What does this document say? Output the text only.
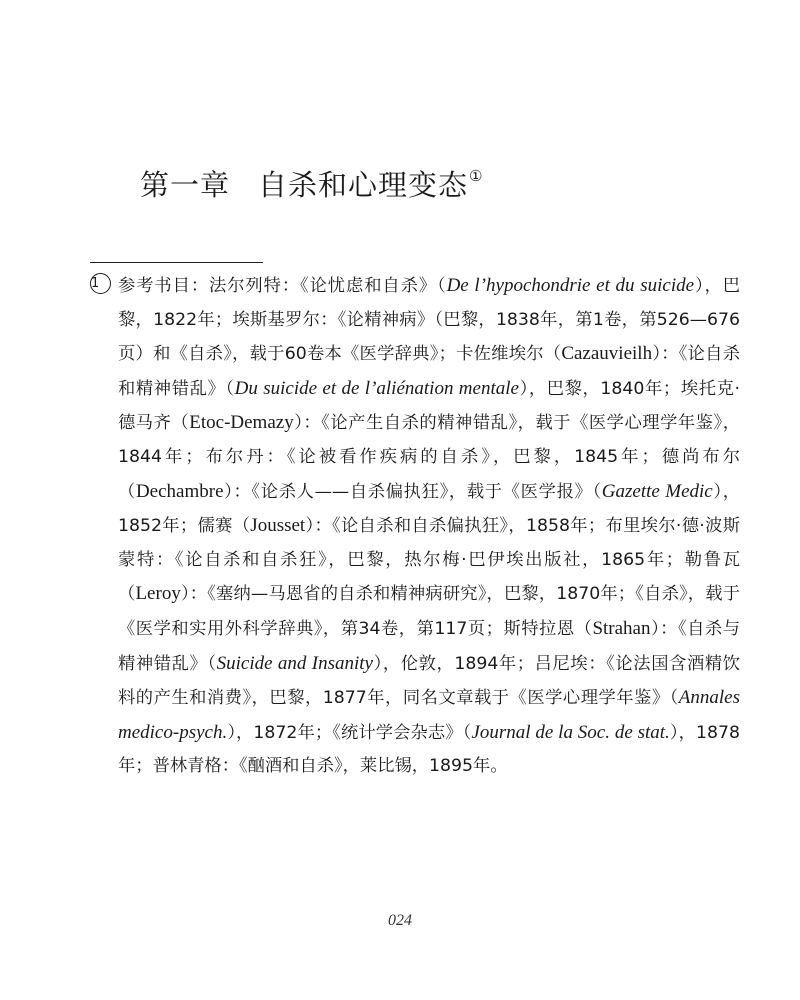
第一章 自杀和心理变态①
1	参考书目：法尔列特：《论忧虑和自杀》（De l’hypochondrie et du suicide），巴黎，1822年；埃斯基罗尔：《论精神病》（巴黎，1838年，第1卷，第526—676页）和《自杀》，载于60卷本《医学辞典》；卡佐维埃尔（Cazauvieilh）：《论自杀和精神错乱》（Du suicide et de l’aliénation mentale），巴黎，1840年；埃托克·德马齐（Etoc-Demazy）：《论产生自杀的精神错乱》，载于《医学心理学年鉴》，1844年；布尔丹：《论被看作疾病的自杀》，巴黎，1845年；德尚布尔（Dechambre）：《论杀人——自杀偏执狂》，载于《医学报》（Gazette Medic），1852年；儒赛（Jousset）：《论自杀和自杀偏执狂》，1858年；布里埃尔·德·波斯蒙特：《论自杀和自杀狂》，巴黎，热尔梅·巴伊埃出版社，1865年；勒鲁瓦（Leroy）：《塞纳—马恩省的自杀和精神病研究》，巴黎，1870年；《自杀》，载于《医学和实用外科学辞典》，第34卷，第117页；斯特拉恩（Strahan）：《自杀与精神错乱》（Suicide and Insanity），伦敦，1894年；吕尼埃：《论法国含酒精饮料的产生和消费》，巴黎，1877年，同名文章载于《医学心理学年鉴》（Annales medico-psych.），1872年；《统计学会杂志》（Journal de la Soc. de stat.），1878年；普林青格：《酗酒和自杀》，莱比锡，1895年。
024
